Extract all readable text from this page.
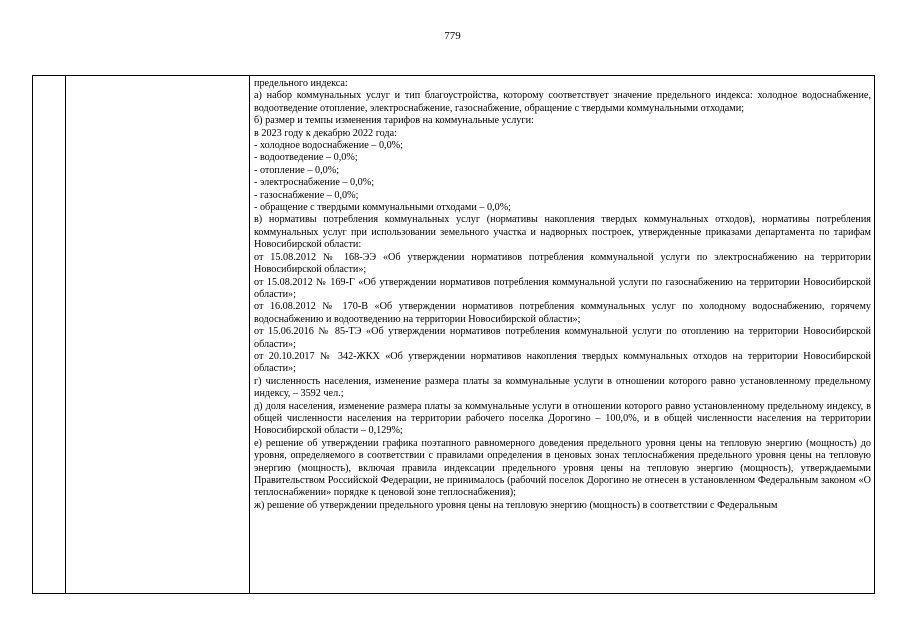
779

предельного индекса:

а) набор коммунальных услуг и тип благоустройства, которому соответствует значение предельного индекса: холодное водоснабжение, водоотведение отопление, электроснабжение, газоснабжение, обращение с твердыми коммунальными отходами;

б) размер и темпы изменения тарифов на коммунальные услуги:

в 2023 году к декабрю 2022 года:

- холодное водоснабжение – 0,0%;

- водоотведение – 0,0%;

- отопление – 0,0%;

- электроснабжение – 0,0%;

- газоснабжение – 0,0%;

- обращение с твердыми коммунальными отходами – 0,0%;

в) нормативы потребления коммунальных услуг (нормативы накопления твердых коммунальных отходов), нормативы потребления коммунальных услуг при использовании земельного участка и надворных построек, утвержденные приказами департамента по тарифам Новосибирской области:

от 15.08.2012 № 168-ЭЭ «Об утверждении нормативов потребления коммунальной услуги по электроснабжению на территории Новосибирской области»;

от 15.08.2012 № 169-Г «Об утверждении нормативов потребления коммунальной услуги по газоснабжению на территории Новосибирской области»;

от 16.08.2012 № 170-В «Об утверждении нормативов потребления коммунальных услуг по холодному водоснабжению, горячему водоснабжению и водоотведению на территории Новосибирской области»;

от 15.06.2016 № 85-ТЭ «Об утверждении нормативов потребления коммунальной услуги по отоплению на территории Новосибирской области»;

от 20.10.2017 № 342-ЖКХ «Об утверждении нормативов накопления твердых коммунальных отходов на территории Новосибирской области»;

г) численность населения, изменение размера платы за коммунальные услуги в отношении которого равно установленному предельному индексу, – 3592 чел.;

д) доля населения, изменение размера платы за коммунальные услуги в отношении которого равно установленному предельному индексу, в общей численности населения на территории рабочего поселка Дорогино – 100,0%, и в общей численности населения на территории Новосибирской области – 0,129%;

е) решение об утверждении графика поэтапного равномерного доведения предельного уровня цены на тепловую энергию (мощность) до уровня, определяемого в соответствии с правилами определения в ценовых зонах теплоснабжения предельного уровня цены на тепловую энергию (мощность), включая правила индексации предельного уровня цены на тепловую энергию (мощность), утверждаемыми Правительством Российской Федерации, не принималось (рабочий поселок Дорогино не отнесен в установленном Федеральным законом «О теплоснабжении» порядке к ценовой зоне теплоснабжения);

ж) решение об утверждении предельного уровня цены на тепловую энергию (мощность) в соответствии с Федеральным
